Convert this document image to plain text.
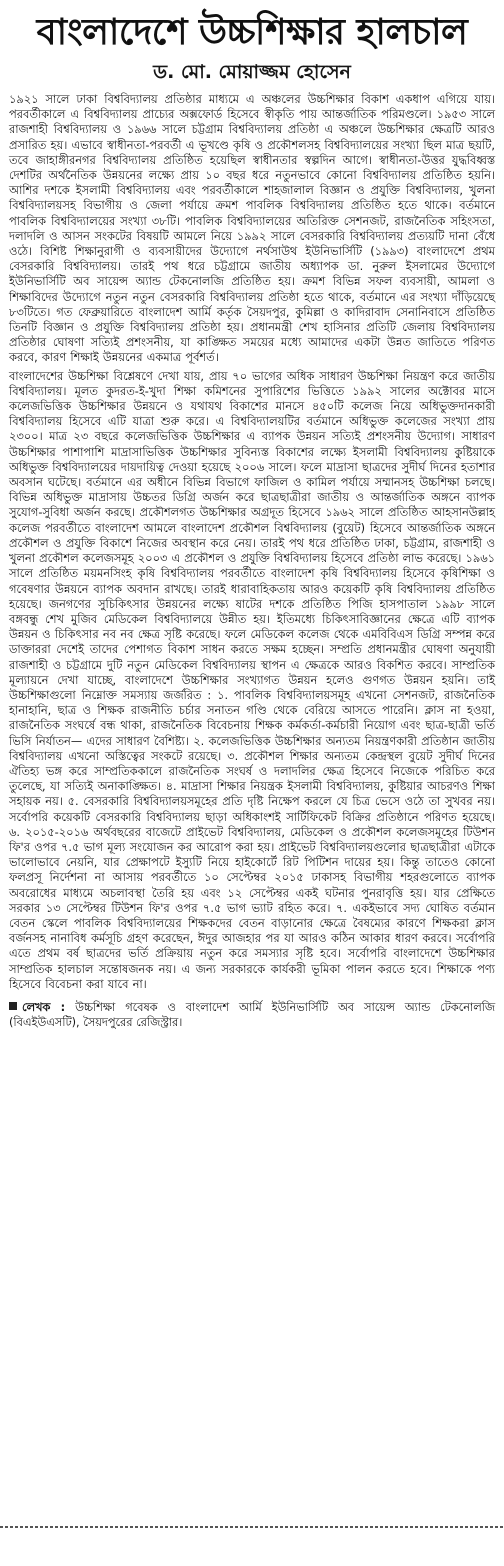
বাংলাদেশে উচ্চশিক্ষার হালচাল
ড. মো. মোয়াজ্জম হোসেন

১৯২১ সালে ঢাকা বিশ্ববিদ্যালয় প্রতিষ্ঠার মাধ্যমে এ অঞ্চলের উচ্চশিক্ষার বিকাশ একধাপ এগিয়ে যায়। পরবর্তীকালে এ বিশ্ববিদ্যালয় প্রাচ্যের অক্সফোর্ড হিসেবে স্বীকৃতি পায় আন্তর্জাতিক পরিমণ্ডলে। ১৯৫৩ সালে রাজশাহী বিশ্ববিদ্যালয় ও ১৯৬৬ সালে চট্টগ্রাম বিশ্ববিদ্যালয় প্রতিষ্ঠা এ অঞ্চলে উচ্চশিক্ষার ক্ষেত্রটি আরও প্রসারিত হয়। এভাবে স্বাধীনতা-পরবর্তী এ ভূখণ্ডে কৃষি ও প্রকৌশলসহ বিশ্ববিদ্যালয়ের সংখ্যা ছিল মাত্র ছয়টি, তবে জাহাঙ্গীরনগর বিশ্ববিদ্যালয় প্রতিষ্ঠিত হয়েছিল স্বাধীনতার স্বল্পদিন আগে। স্বাধীনতা-উত্তর যুদ্ধবিধ্বস্ত দেশটির অর্থনৈতিক উন্নয়নের লক্ষ্যে প্রায় ১০ বছর ধরে নতুনভাবে কোনো বিশ্ববিদ্যালয় প্রতিষ্ঠিত হয়নি। আশির দশকে ইসলামী বিশ্ববিদ্যালয় এবং পরবর্তীকালে শাহজালাল বিজ্ঞান ও প্রযুক্তি বিশ্ববিদ্যালয়, খুলনা বিশ্ববিদ্যালয়সহ বিভাগীয় ও জেলা পর্যায়ে ক্রমশ পাবলিক বিশ্ববিদ্যালয় প্রতিষ্ঠিত হতে থাকে। বর্তমানে পাবলিক বিশ্ববিদ্যালয়ের সংখ্যা ৩৮টি। পাবলিক বিশ্ববিদ্যালয়ের অতিরিক্ত সেশনজট, রাজনৈতিক সহিংসতা, দলাদলি ও আসন সংকটের বিষয়টি আমলে নিয়ে ১৯৯২ সালে বেসরকারি বিশ্ববিদ্যালয় প্রত্যয়টি দানা বেঁধে ওঠে। বিশিষ্ট শিক্ষানুরাগী ও ব্যবসায়ীদের উদ্যোগে নর্থসাউথ ইউনিভার্সিটি (১৯৯৩) বাংলাদেশে প্রথম বেসরকারি বিশ্ববিদ্যালয়। তারই পথ ধরে চট্টগ্রামে জাতীয় অধ্যাপক ডা. নুরুল ইসলামের উদ্যোগে ইউনিভার্সিটি অব সায়েন্স অ্যান্ড টেকনোলজি প্রতিষ্ঠিত হয়। ক্রমশ বিভিন্ন সফল ব্যবসায়ী, আমলা ও শিক্ষাবিদের উদ্যোগে নতুন নতুন বেসরকারি বিশ্ববিদ্যালয় প্রতিষ্ঠা হতে থাকে, বর্তমানে এর সংখ্যা দাঁড়িয়েছে ৮৩টিতে। গত ফেব্রুয়ারিতে বাংলাদেশ আর্মি কর্তৃক সৈয়দপুর, কুমিল্লা ও কাদিরাবাদ সেনানিবাসে প্রতিষ্ঠিত তিনটি বিজ্ঞান ও প্রযুক্তি বিশ্ববিদ্যালয় প্রতিষ্ঠা হয়। প্রধানমন্ত্রী শেখ হাসিনার প্রতিটি জেলায় বিশ্ববিদ্যালয় প্রতিষ্ঠার ঘোষণা সত্যিই প্রশংসনীয়, যা কাঙ্ক্ষিত সময়ের মধ্যে আমাদের একটা উন্নত জাতিতে পরিণত করবে, কারণ শিক্ষাই উন্নয়নের একমাত্র পূর্বশর্ত।

বাংলাদেশের উচ্চশিক্ষা বিশ্লেষণে দেখা যায়, প্রায় ৭০ ভাগের অধিক সাধারণ উচ্চশিক্ষা নিয়ন্ত্রণ করে জাতীয় বিশ্ববিদ্যালয়। মূলত কুদরত-ই-খুদা শিক্ষা কমিশনের সুপারিশের ভিত্তিতে ১৯৯২ সালের অক্টোবর মাসে কলেজভিত্তিক উচ্চশিক্ষার উন্নয়নে ও যথাযথ বিকাশের মানসে ৪৫০টি কলেজ নিয়ে অধিভুক্তদানকারী বিশ্ববিদ্যালয় হিসেবে এটি যাত্রা শুরু করে। এ বিশ্ববিদ্যালয়টির বর্তমানে অধিভুক্ত কলেজের সংখ্যা প্রায় ২৩০০। মাত্র ২৩ বছরে কলেজভিত্তিক উচ্চশিক্ষার এ ব্যাপক উন্নয়ন সত্যিই প্রশংসনীয় উদ্যোগ। সাধারণ উচ্চশিক্ষার পাশাপাশি মাদ্রাসাভিত্তিক উচ্চশিক্ষার সুবিন্যস্ত বিকাশের লক্ষ্যে ইসলামী বিশ্ববিদ্যালয় কুষ্টিয়াকে অধিভুক্ত বিশ্ববিদ্যালয়ের দায়দায়িত্ব দেওয়া হয়েছে ২০০৬ সালে। ফলে মাদ্রাসা ছাত্রদের সুদীর্ঘ দিনের হতাশার অবসান ঘটেছে। বর্তমানে এর অধীনে বিভিন্ন বিভাগে ফাজিল ও কামিল পর্যায়ে সম্মানসহ উচ্চশিক্ষা চলছে। বিভিন্ন অধিভুক্ত মাদ্রাসায় উচ্চতর ডিগ্রি অর্জন করে ছাত্রছাত্রীরা জাতীয় ও আন্তর্জাতিক অঙ্গনে ব্যাপক সুযোগ-সুবিধা অর্জন করছে। প্রকৌশলগত উচ্চশিক্ষার অগ্রদূত হিসেবে ১৯৬২ সালে প্রতিষ্ঠিত আহসানউল্লাহ কলেজ পরবর্তীতে বাংলাদেশ আমলে বাংলাদেশ প্রকৌশল বিশ্ববিদ্যালয় (বুয়েট) হিসেবে আন্তর্জাতিক অঙ্গনে প্রকৌশল ও প্রযুক্তি বিকাশে নিজের অবস্থান করে নেয়। তারই পথ ধরে প্রতিষ্ঠিত ঢাকা, চট্টগ্রাম, রাজশাহী ও খুলনা প্রকৌশল কলেজসমূহ ২০০৩ এ প্রকৌশল ও প্রযুক্তি বিশ্ববিদ্যালয় হিসেবে প্রতিষ্ঠা লাভ করেছে। ১৯৬১ সালে প্রতিষ্ঠিত ময়মনসিংহ কৃষি বিশ্ববিদ্যালয় পরবর্তীতে বাংলাদেশ কৃষি বিশ্ববিদ্যালয় হিসেবে কৃষিশিক্ষা ও গবেষণার উন্নয়নে ব্যাপক অবদান রাখছে। তারই ধারাবাহিকতায় আরও কয়েকটি কৃষি বিশ্ববিদ্যালয় প্রতিষ্ঠিত হয়েছে। জনগণের সুচিকিৎসার উন্নয়নের লক্ষ্যে ষাটের দশকে প্রতিষ্ঠিত পিজি হাসপাতাল ১৯৯৮ সালে বঙ্গবন্ধু শেখ মুজিব মেডিকেল বিশ্ববিদ্যালয়ে উন্নীত হয়। ইতিমধ্যে চিকিৎসাবিজ্ঞানের ক্ষেত্রে এটি ব্যাপক উন্নয়ন ও চিকিৎসার নব নব ক্ষেত্র সৃষ্টি করেছে। ফলে মেডিকেল কলেজ থেকে এমবিবিএস ডিগ্রি সম্পন্ন করে ডাক্তাররা দেশেই তাদের পেশাগত বিকাশ সাধন করতে সক্ষম হচ্ছেন। সম্প্রতি প্রধানমন্ত্রীর ঘোষণা অনুযায়ী রাজশাহী ও চট্টগ্রামে দুটি নতুন মেডিকেল বিশ্ববিদ্যালয় স্থাপন এ ক্ষেত্রকে আরও বিকশিত করবে। সাম্প্রতিক মূল্যায়নে দেখা যাচ্ছে, বাংলাদেশে উচ্চশিক্ষার সংখ্যাগত উন্নয়ন হলেও গুণগত উন্নয়ন হয়নি। তাই উচ্চশিক্ষাগুলো নিম্নোক্ত সমস্যায় জর্জরিত : ১. পাবলিক বিশ্ববিদ্যালয়সমূহ এখনো সেশনজট, রাজনৈতিক হানাহানি, ছাত্র ও শিক্ষক রাজনীতি চর্চার সনাতন গণ্ডি থেকে বেরিয়ে আসতে পারেনি। ক্লাস না হওয়া, রাজনৈতিক সংঘর্ষে বন্ধ থাকা, রাজনৈতিক বিবেচনায় শিক্ষক কর্মকর্তা-কর্মচারী নিয়োগ এবং ছাত্র-ছাত্রী ভর্তি ভিসি নির্যাতন— এদের সাধারণ বৈশিষ্ট্য। ২. কলেজভিত্তিক উচ্চশিক্ষার অন্যতম নিয়ন্ত্রণকারী প্রতিষ্ঠান জাতীয় বিশ্ববিদ্যালয় এখনো অস্তিত্বের সংকটে রয়েছে। ৩. প্রকৌশল শিক্ষার অন্যতম কেন্দ্রস্থল বুয়েট সুদীর্ঘ দিনের ঐতিহ্য ভঙ্গ করে সাম্প্রতিককালে রাজনৈতিক সংঘর্ষ ও দলাদলির ক্ষেত্র হিসেবে নিজেকে পরিচিত করে তুলেছে, যা সত্যিই অনাকাঙ্ক্ষিত। ৪. মাদ্রাসা শিক্ষার নিয়ন্ত্রক ইসলামী বিশ্ববিদ্যালয়, কুষ্টিয়ার আচরণও শিক্ষা সহায়ক নয়। ৫. বেসরকারি বিশ্ববিদ্যালয়সমূহের প্রতি দৃষ্টি নিক্ষেপ করলে যে চিত্র ভেসে ওঠে তা সুখবর নয়। সর্বোপরি কয়েকটি বেসরকারি বিশ্ববিদ্যালয় ছাড়া অধিকাংশই সার্টিফিকেট বিক্রির প্রতিষ্ঠানে পরিণত হয়েছে। ৬. ২০১৫-২০১৬ অর্থবছরের বাজেটে প্রাইভেট বিশ্ববিদ্যালয়, মেডিকেল ও প্রকৌশল কলেজসমূহের টিউশন ফি'র ওপর ৭.৫ ভাগ মূল্য সংযোজন কর আরোপ করা হয়। প্রাইভেট বিশ্ববিদ্যালয়গুলোর ছাত্রছাত্রীরা এটাকে ভালোভাবে নেয়নি, যার প্রেক্ষাপটে ইস্যুটি নিয়ে হাইকোর্টে রিট পিটিশন দায়ের হয়। কিন্তু তাতেও কোনো ফলপ্রসূ নির্দেশনা না আসায় পরবর্তীতে ১০ সেপ্টেম্বর ২০১৫ ঢাকাসহ বিভাগীয় শহরগুলোতে ব্যাপক অবরোধের মাধ্যমে অচলাবস্থা তৈরি হয় এবং ১২ সেপ্টেম্বর একই ঘটনার পুনরাবৃত্তি হয়। যার প্রেক্ষিতে সরকার ১৩ সেপ্টেম্বর টিউশন ফি'র ওপর ৭.৫ ভাগ ভ্যাট রহিত করে। ৭. একইভাবে সদ্য ঘোষিত বর্তমান বেতন স্কেলে পাবলিক বিশ্ববিদ্যালয়ের শিক্ষকদের বেতন বাড়ানোর ক্ষেত্রে বৈষম্যের কারণে শিক্ষকরা ক্লাস বর্জনসহ নানাবিধ কর্মসূচি গ্রহণ করেছেন, ঈদুর আজহার পর যা আরও কঠিন আকার ধারণ করবে। সর্বোপরি এতে প্রথম বর্ষ ছাত্রদের ভর্তি প্রক্রিয়ায় নতুন করে সমস্যার সৃষ্টি হবে। সর্বোপরি বাংলাদেশে উচ্চশিক্ষার সাম্প্রতিক হালচাল সন্তোষজনক নয়। এ জন্য সরকারকে কার্যকরী ভূমিকা পালন করতে হবে। শিক্ষাকে পণ্য হিসেবে বিবেচনা করা যাবে না।

লেখক : উচ্চশিক্ষা গবেষক ও বাংলাদেশ আর্মি ইউনিভার্সিটি অব সায়েন্স অ্যান্ড টেকনোলজি (বিএইউএসটি), সৈয়দপুরের রেজিস্ট্রার।
